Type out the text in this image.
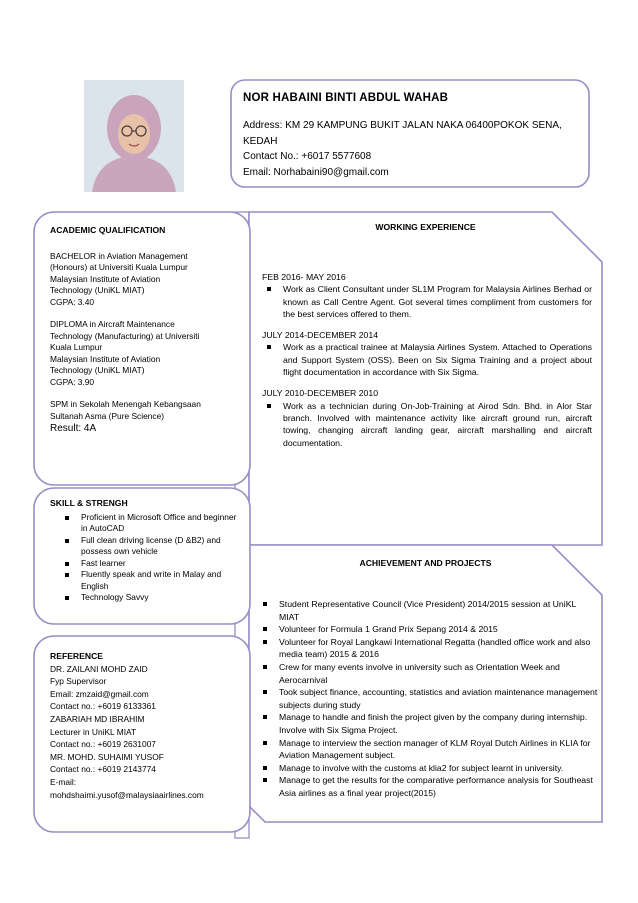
NOR HABAINI BINTI ABDUL WAHAB
Address: KM 29 KAMPUNG BUKIT JALAN NAKA 06400POKOK SENA,
KEDAH
Contact No.: +6017 5577608
Email: Norhabaini90@gmail.com
ACADEMIC QUALIFICATION
BACHELOR in Aviation Management
(Honours) at Universiti Kuala Lumpur
Malaysian Institute of Aviation
Technology (UniKL MIAT)
CGPA: 3.40
DIPLOMA in Aircraft Maintenance
Technology (Manufacturing) at Universiti
Kuala Lumpur
Malaysian Institute of Aviation
Technology (UniKL MIAT)
CGPA: 3.90
SPM in Sekolah Menengah Kebangsaan
Sultanah Asma (Pure Science)
Result: 4A
SKILL & STRENGH
Proficient in Microsoft Office and beginner in AutoCAD
Full clean driving license (D &B2) and possess own vehicle
Fast learner
Fluently speak and write in Malay and English
Technology Savvy
REFERENCE
DR. ZAILANI MOHD ZAID
Fyp Supervisor
Email: zmzaid@gmail.com
Contact no.: +6019 6133361
ZABARIAH MD IBRAHIM
Lecturer in UniKL MIAT
Contact no.: +6019 2631007
MR. MOHD. SUHAIMI YUSOF
Contact no.: +6019 2143774
E-mail:
mohdshaimi.yusof@malaysiaairlines.com
WORKING EXPERIENCE
FEB 2016- MAY 2016
Work as Client Consultant under SL1M Program for Malaysia Airlines Berhad or known as Call Centre Agent. Got several times compliment from customers for the best services offered to them.
JULY 2014-DECEMBER 2014
Work as a practical trainee at Malaysia Airlines System. Attached to Operations and Support System (OSS). Been on Six Sigma Training and a project about flight documentation in accordance with Six Sigma.
JULY 2010-DECEMBER 2010
Work as a technician during On-Job-Training at Airod Sdn. Bhd. in Alor Star branch. Involved with maintenance activity like aircraft ground run, aircraft towing, changing aircraft landing gear, aircraft marshalling and aircraft documentation.
ACHIEVEMENT AND PROJECTS
Student Representative Council (Vice President) 2014/2015 session at UniKL MIAT
Volunteer for Formula 1 Grand Prix Sepang 2014 & 2015
Volunteer for Royal Langkawi International Regatta (handled office work and also media team) 2015 & 2016
Crew for many events involve in university such as Orientation Week and Aerocarnival
Took subject finance, accounting, statistics and aviation maintenance management subjects during study
Manage to handle and finish the project given by the company during internship. Involve with Six Sigma Project.
Manage to interview the section manager of KLM Royal Dutch Airlines in KLIA for Aviation Management subject.
Manage to involve with the customs at klia2 for subject learnt in university.
Manage to get the results for the comparative performance analysis for Southeast Asia airlines as a final year project(2015)
